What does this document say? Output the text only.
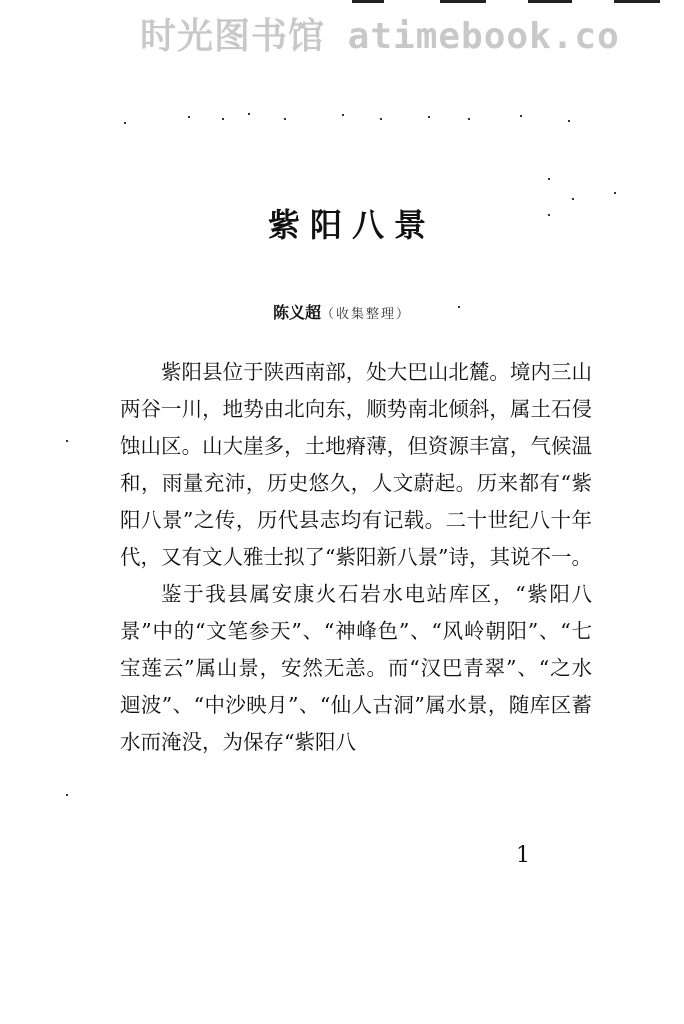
时光图书馆 atimebook.co
紫阳八景
陈义超（收集整理）

紫阳县位于陕西南部，处大巴山北麓。境内三山两谷一川，地势由北向东，顺势南北倾斜，属土石侵蚀山区。山大崖多，土地瘠薄，但资源丰富，气候温和，雨量充沛，历史悠久，人文蔚起。历来都有“紫阳八景”之传，历代县志均有记载。二十世纪八十年代，又有文人雅士拟了“紫阳新八景”诗，其说不一。

鉴于我县属安康火石岩水电站库区，“紫阳八景”中的“文笔参天”、“神峰色”、“风岭朝阳”、“七宝莲云”属山景，安然无恙。而“汉巴青翠”、“之水迴波”、“中沙映月”、“仙人古洞”属水景，随库区蓄水而淹没，为保存“紫阳八

1
